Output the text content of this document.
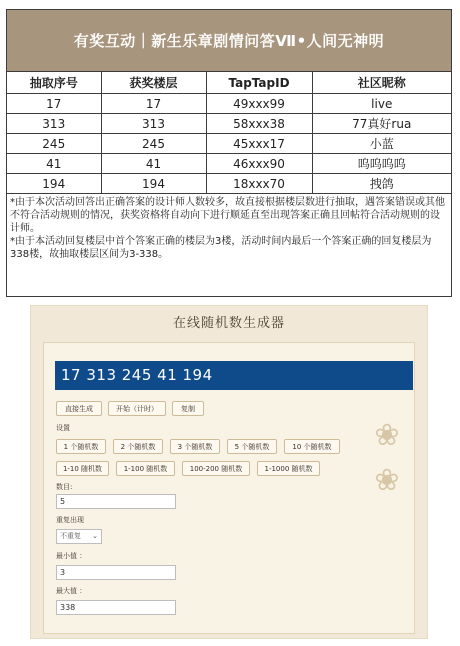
有奖互动｜新生乐章剧情问答Ⅶ•人间无神明
抽取序号	获奖楼层	TapTapID	社区昵称
17	17	49xxx99	live
313	313	58xxx38	77真好rua
245	245	45xxx17	小蓝
41	41	46xxx90	呜呜呜呜
194	194	18xxx70	拽鸽

*由于本次活动回答出正确答案的设计师人数较多，故直接根据楼层数进行抽取，遇答案错误或其他不符合活动规则的情况，获奖资格将自动向下进行顺延直至出现答案正确且回帖符合活动规则的设计师。

*由于本活动回复楼层中首个答案正确的楼层为3楼，活动时间内最后一个答案正确的回复楼层为338楼，故抽取楼层区间为3-338。

在线随机数生成器
❀
❀
17 313 245 41 194
直接生成	开始（计时）	复制
设置
1 个随机数	2 个随机数	3 个随机数	5 个随机数	10 个随机数
1-10 随机数	1-100 随机数	100-200 随机数	1-1000 随机数
数目:
5
重复出现
不重复 ⌄
最小值 ：
3
最大值 ：
338
